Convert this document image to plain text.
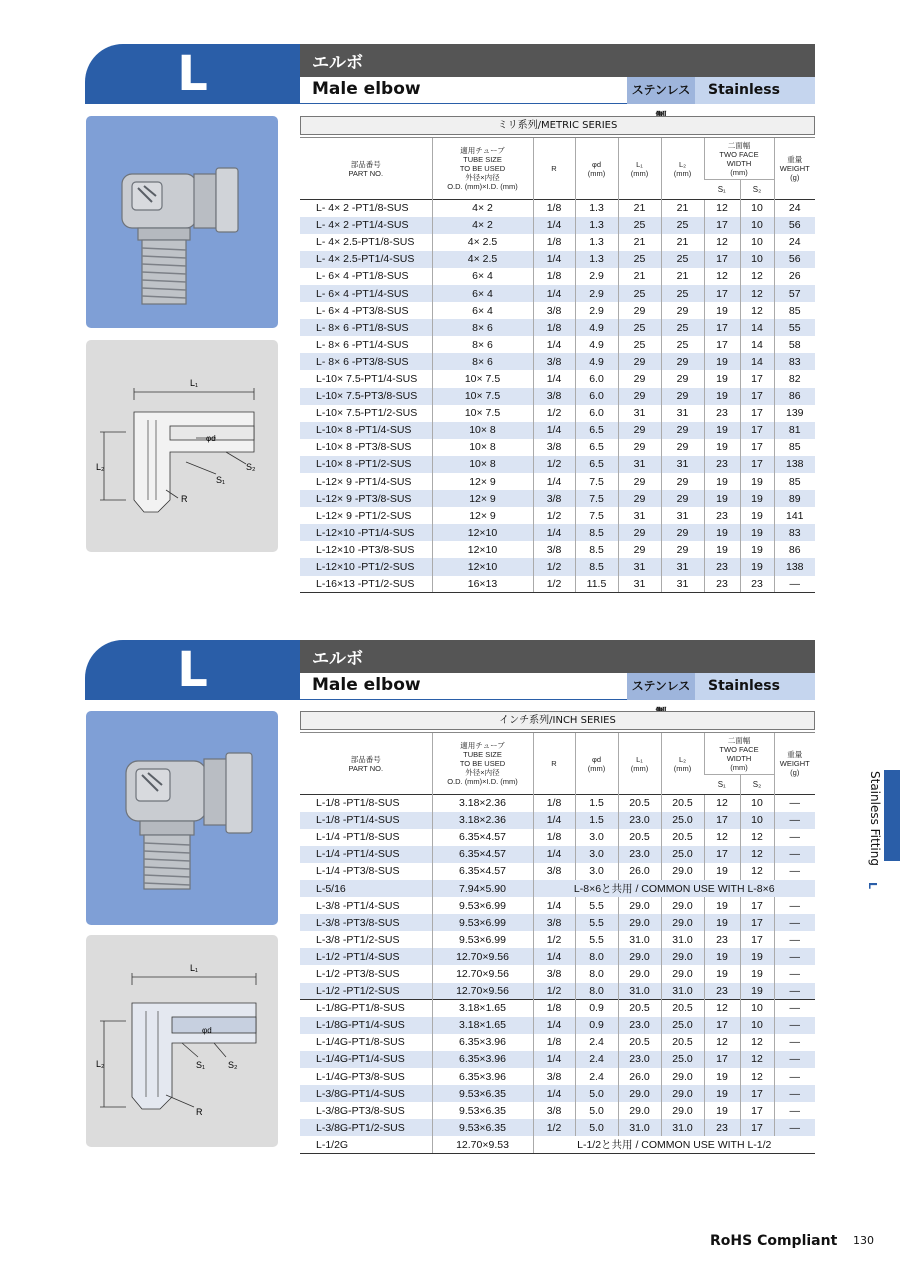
L	エルボ
Male elbow	ステンレス	Stainless
L₁
L₂
φd
S₂
S₁
R
ミリ系列/METRIC SERIES
部品番号
PART NO.	適用チューブ
TUBE SIZE
TO BE USED
外径×内径
O.D. (mm)×I.D. (mm)	R	φd
(mm)	L₁
(mm)	L₂
(mm)	二面幅
TWO FACE
WIDTH
(mm)		重量
WEIGHT
(g)
						S₁	S₂	
L- 4× 2 -PT1/8-SUS	4× 2	1/8	1.3	21	21	12	10	24
L- 4× 2 -PT1/4-SUS	4× 2	1/4	1.3	25	25	17	10	56
L- 4× 2.5-PT1/8-SUS	4× 2.5	1/8	1.3	21	21	12	10	24
L- 4× 2.5-PT1/4-SUS	4× 2.5	1/4	1.3	25	25	17	10	56
L- 6× 4 -PT1/8-SUS	6× 4	1/8	2.9	21	21	12	12	26
L- 6× 4 -PT1/4-SUS	6× 4	1/4	2.9	25	25	17	12	57
L- 6× 4 -PT3/8-SUS	6× 4	3/8	2.9	29	29	19	12	85
L- 8× 6 -PT1/8-SUS	8× 6	1/8	4.9	25	25	17	14	55
L- 8× 6 -PT1/4-SUS	8× 6	1/4	4.9	25	25	17	14	58
L- 8× 6 -PT3/8-SUS	8× 6	3/8	4.9	29	29	19	14	83
L-10× 7.5-PT1/4-SUS	10× 7.5	1/4	6.0	29	29	19	17	82
L-10× 7.5-PT3/8-SUS	10× 7.5	3/8	6.0	29	29	19	17	86
L-10× 7.5-PT1/2-SUS	10× 7.5	1/2	6.0	31	31	23	17	139
L-10× 8 -PT1/4-SUS	10× 8	1/4	6.5	29	29	19	17	81
L-10× 8 -PT3/8-SUS	10× 8	3/8	6.5	29	29	19	17	85
L-10× 8 -PT1/2-SUS	10× 8	1/2	6.5	31	31	23	17	138
L-12× 9 -PT1/4-SUS	12× 9	1/4	7.5	29	29	19	19	85
L-12× 9 -PT3/8-SUS	12× 9	3/8	7.5	29	29	19	19	89
L-12× 9 -PT1/2-SUS	12× 9	1/2	7.5	31	31	23	19	141
L-12×10 -PT1/4-SUS	12×10	1/4	8.5	29	29	19	19	83
L-12×10 -PT3/8-SUS	12×10	3/8	8.5	29	29	19	19	86
L-12×10 -PT1/2-SUS	12×10	1/2	8.5	31	31	23	19	138
L-16×13 -PT1/2-SUS	16×13	1/2	11.5	31	31	23	23	—
L	エルボ
Male elbow	ステンレス	Stainless
L₁
L₂
φd
S₁	S₂
R
インチ系列/INCH SERIES
部品番号
PART NO.	適用チューブ
TUBE SIZE
TO BE USED
外径×内径
O.D. (mm)×I.D. (mm)	R	φd
(mm)	L₁
(mm)	L₂
(mm)	二面幅
TWO FACE
WIDTH
(mm)		重量
WEIGHT
(g)
						S₁	S₂	
L-1/8 -PT1/8-SUS	3.18×2.36	1/8	1.5	20.5	20.5	12	10	—
L-1/8 -PT1/4-SUS	3.18×2.36	1/4	1.5	23.0	25.0	17	10	—
L-1/4 -PT1/8-SUS	6.35×4.57	1/8	3.0	20.5	20.5	12	12	—
L-1/4 -PT1/4-SUS	6.35×4.57	1/4	3.0	23.0	25.0	17	12	—
L-1/4 -PT3/8-SUS	6.35×4.57	3/8	3.0	26.0	29.0	19	12	—
L-5/16	7.94×5.90	L-8×6と共用 / COMMON USE WITH L-8×6						
L-3/8 -PT1/4-SUS	9.53×6.99	1/4	5.5	29.0	29.0	19	17	—
L-3/8 -PT3/8-SUS	9.53×6.99	3/8	5.5	29.0	29.0	19	17	—
L-3/8 -PT1/2-SUS	9.53×6.99	1/2	5.5	31.0	31.0	23	17	—
L-1/2 -PT1/4-SUS	12.70×9.56	1/4	8.0	29.0	29.0	19	19	—
L-1/2 -PT3/8-SUS	12.70×9.56	3/8	8.0	29.0	29.0	19	19	—
L-1/2 -PT1/2-SUS	12.70×9.56	1/2	8.0	31.0	31.0	23	19	—
L-1/8G-PT1/8-SUS	3.18×1.65	1/8	0.9	20.5	20.5	12	10	—
L-1/8G-PT1/4-SUS	3.18×1.65	1/4	0.9	23.0	25.0	17	10	—
L-1/4G-PT1/8-SUS	6.35×3.96	1/8	2.4	20.5	20.5	12	12	—
L-1/4G-PT1/4-SUS	6.35×3.96	1/4	2.4	23.0	25.0	17	12	—
L-1/4G-PT3/8-SUS	6.35×3.96	3/8	2.4	26.0	29.0	19	12	—
L-3/8G-PT1/4-SUS	9.53×6.35	1/4	5.0	29.0	29.0	19	17	—
L-3/8G-PT3/8-SUS	9.53×6.35	3/8	5.0	29.0	29.0	19	17	—
L-3/8G-PT1/2-SUS	9.53×6.35	1/2	5.0	31.0	31.0	23	17	—
L-1/2G	12.70×9.53	L-1/2と共用 / COMMON USE WITH L-1/2						
Stainless Fitting
L
RoHS Compliant 130
